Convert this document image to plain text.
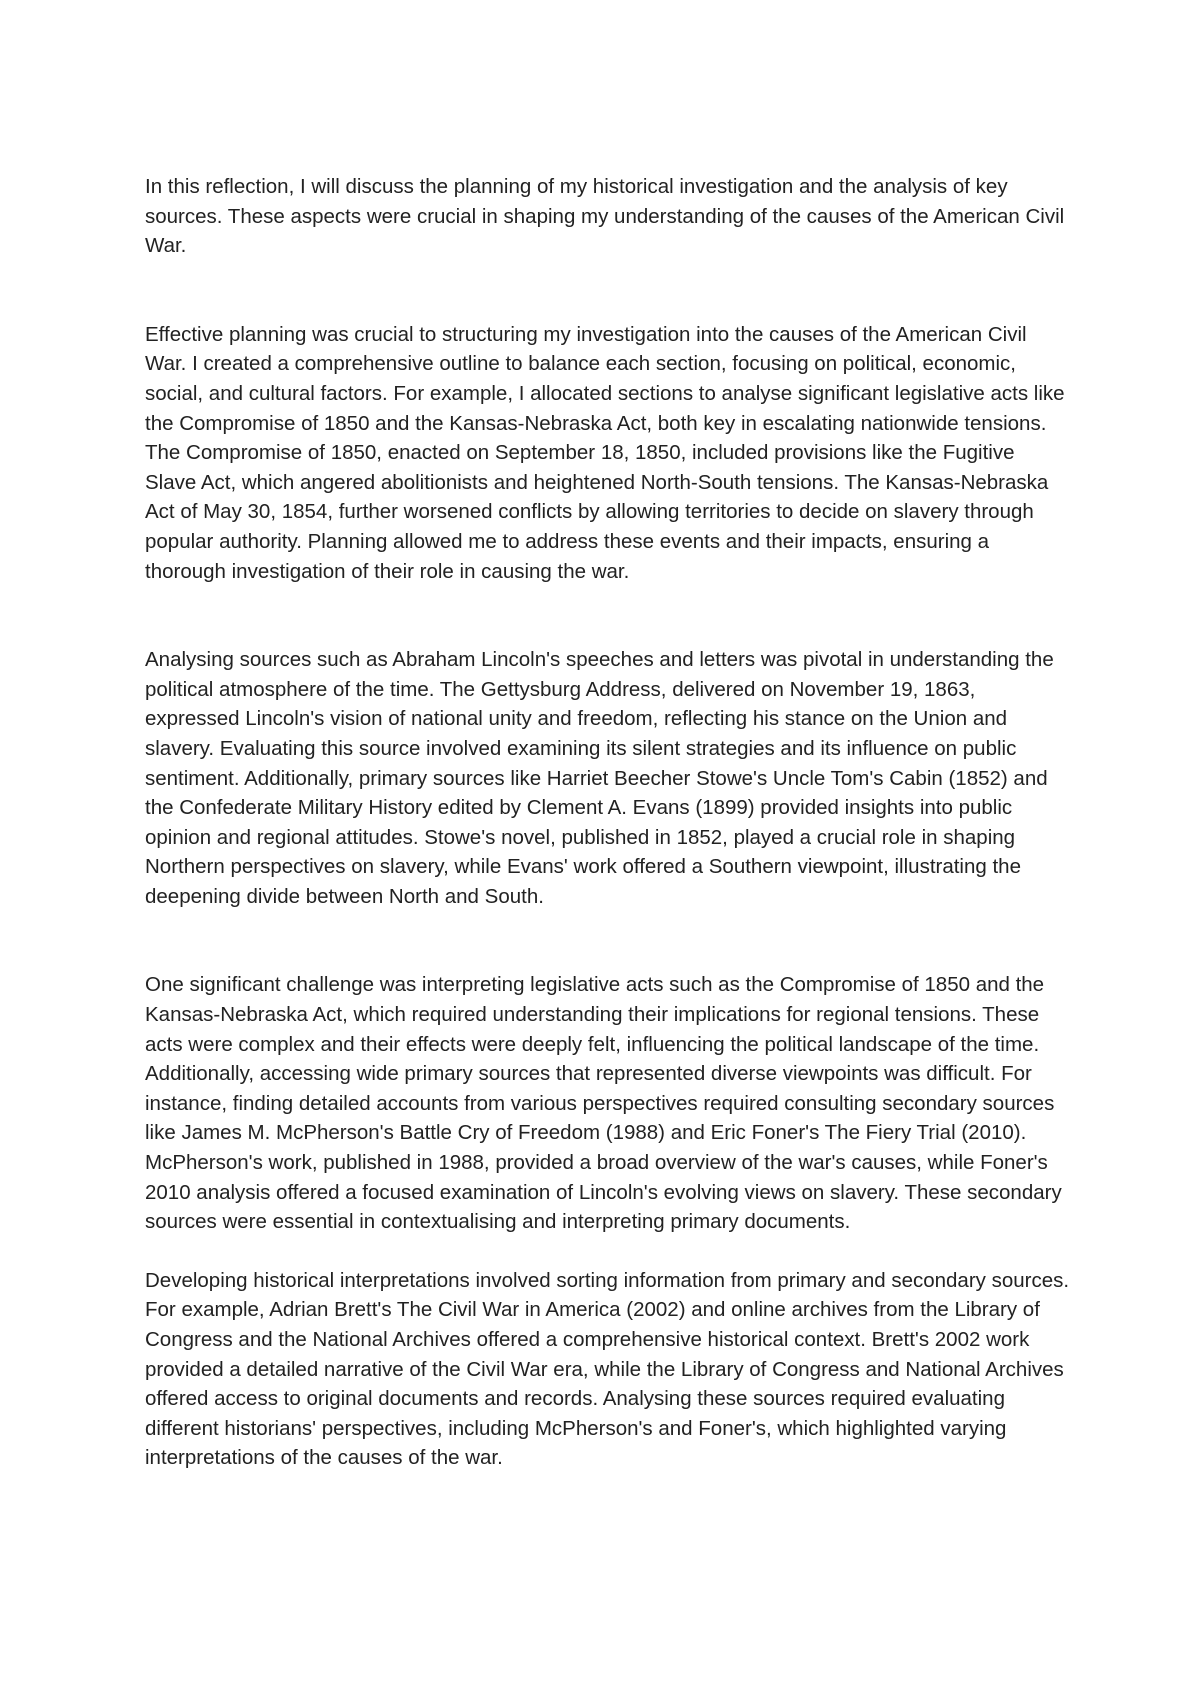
In this reflection, I will discuss the planning of my historical investigation and the analysis of key sources. These aspects were crucial in shaping my understanding of the causes of the American Civil War.

Effective planning was crucial to structuring my investigation into the causes of the American Civil War. I created a comprehensive outline to balance each section, focusing on political, economic, social, and cultural factors. For example, I allocated sections to analyse significant legislative acts like the Compromise of 1850 and the Kansas-Nebraska Act, both key in escalating nationwide tensions. The Compromise of 1850, enacted on September 18, 1850, included provisions like the Fugitive Slave Act, which angered abolitionists and heightened North-South tensions. The Kansas-Nebraska Act of May 30, 1854, further worsened conflicts by allowing territories to decide on slavery through popular authority. Planning allowed me to address these events and their impacts, ensuring a thorough investigation of their role in causing the war.

Analysing sources such as Abraham Lincoln's speeches and letters was pivotal in understanding the political atmosphere of the time. The Gettysburg Address, delivered on November 19, 1863, expressed Lincoln's vision of national unity and freedom, reflecting his stance on the Union and slavery. Evaluating this source involved examining its silent strategies and its influence on public sentiment. Additionally, primary sources like Harriet Beecher Stowe's Uncle Tom's Cabin (1852) and the Confederate Military History edited by Clement A. Evans (1899) provided insights into public opinion and regional attitudes. Stowe's novel, published in 1852, played a crucial role in shaping Northern perspectives on slavery, while Evans' work offered a Southern viewpoint, illustrating the deepening divide between North and South.

One significant challenge was interpreting legislative acts such as the Compromise of 1850 and the Kansas-Nebraska Act, which required understanding their implications for regional tensions. These acts were complex and their effects were deeply felt, influencing the political landscape of the time. Additionally, accessing wide primary sources that represented diverse viewpoints was difficult. For instance, finding detailed accounts from various perspectives required consulting secondary sources like James M. McPherson's Battle Cry of Freedom (1988) and Eric Foner's The Fiery Trial (2010). McPherson's work, published in 1988, provided a broad overview of the war's causes, while Foner's 2010 analysis offered a focused examination of Lincoln's evolving views on slavery. These secondary sources were essential in contextualising and interpreting primary documents.

Developing historical interpretations involved sorting information from primary and secondary sources. For example, Adrian Brett's The Civil War in America (2002) and online archives from the Library of Congress and the National Archives offered a comprehensive historical context. Brett's 2002 work provided a detailed narrative of the Civil War era, while the Library of Congress and National Archives offered access to original documents and records. Analysing these sources required evaluating different historians' perspectives, including McPherson's and Foner's, which highlighted varying interpretations of the causes of the war.
